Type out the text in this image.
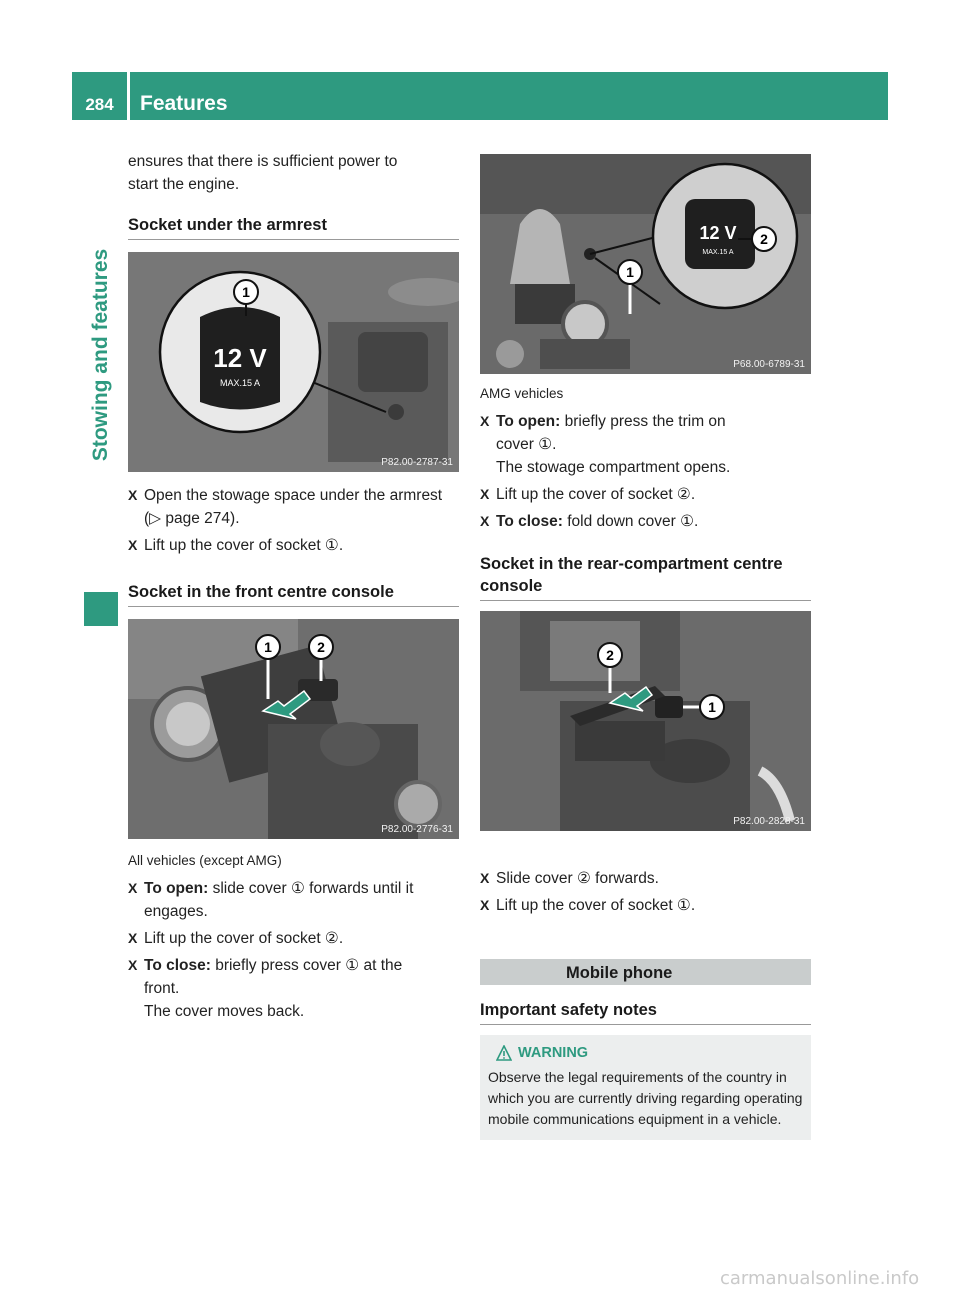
284	Features
Stowing and features

ensures that there is sufficient power to

start the engine.

Socket under the armrest
12 V
MAX.15 A
1
P82.00-2787-31
X Open the stowage space under the armrest
(▷ page 274).
X Lift up the cover of socket ①.
Socket in the front centre console
1	2
P82.00-2776-31

All vehicles (except AMG)

X To open: slide cover ① forwards until it
engages.
X Lift up the cover of socket ②.
X To close: briefly press cover ① at the
front.
The cover moves back.
12 V
MAX.15 A
2
1
P68.00-6789-31

AMG vehicles

X To open: briefly press the trim on
cover ①.
The stowage compartment opens.
X Lift up the cover of socket ②.
X To close: fold down cover ①.
Socket in the rear-compartment centre
console
2
1
P82.00-2828-31
X Slide cover ② forwards.
X Lift up the cover of socket ①.
Mobile phone
Important safety notes
WARNING

Observe the legal requirements of the country in which you are currently driving regarding operating mobile communications equipment in a vehicle.

carmanualsonline.info
